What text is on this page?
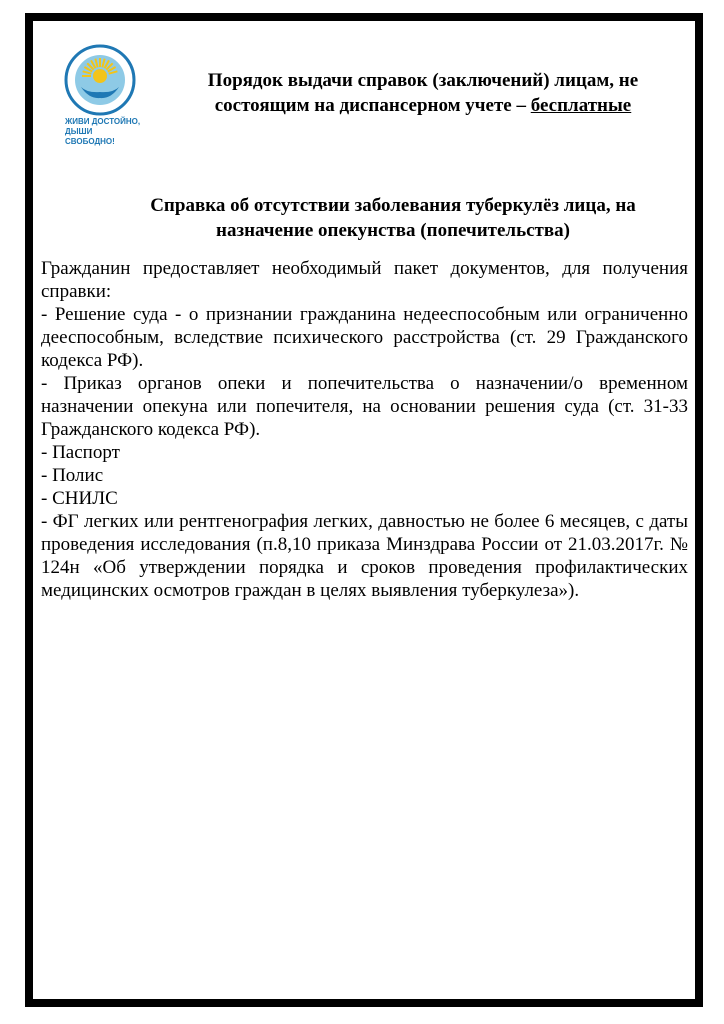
ЖИВИ ДОСТОЙНО,
ДЫШИ СВОБОДНО!
Порядок выдачи справок (заключений) лицам, не
состоящим на диспансерном учете – бесплатные
Справка об отсутствии заболевания туберкулёз лица, на
назначение опекунства (попечительства)

Гражданин предоставляет необходимый пакет документов, для получения справки:

- Решение суда - о признании гражданина недееспособным или ограниченно дееспособным, вследствие психического расстройства (ст. 29 Гражданского кодекса РФ).

- Приказ органов опеки и попечительства о назначении/о временном назначении опекуна или попечителя, на основании решения суда (ст. 31-33 Гражданского кодекса РФ).

- Паспорт

- Полис

- СНИЛС

- ФГ легких или рентгенография легких, давностью не более 6 месяцев, с даты проведения исследования (п.8,10 приказа Минздрава России от 21.03.2017г. № 124н «Об утверждении порядка и сроков проведения профилактических медицинских осмотров граждан в целях выявления туберкулеза»).
